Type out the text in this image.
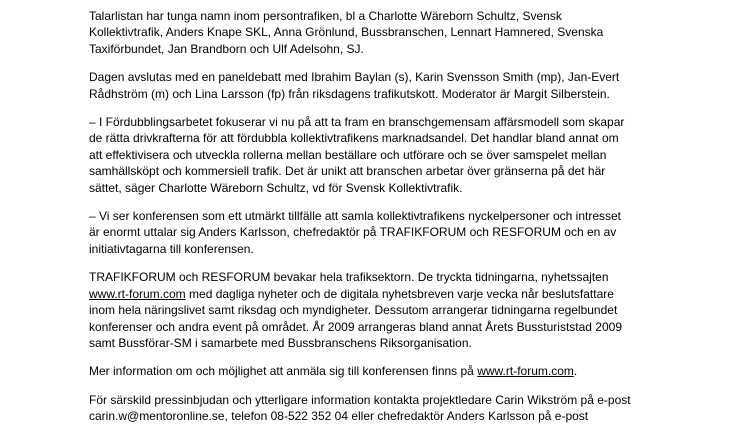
Talarlistan har tunga namn inom persontrafiken, bl a Charlotte Wäreborn Schultz, Svensk
Kollektivtrafik, Anders Knape SKL, Anna Grönlund, Bussbranschen, Lennart Hamnered, Svenska
Taxiförbundet, Jan Brandborn och Ulf Adelsohn, SJ.
Dagen avslutas med en paneldebatt med Ibrahim Baylan (s), Karin Svensson Smith (mp), Jan-Evert
Rådhström (m) och Lina Larsson (fp) från riksdagens trafikutskott. Moderator är Margit Silberstein.
– I Fördubblingsarbetet fokuserar vi nu på att ta fram en branschgemensam affärsmodell som skapar
de rätta drivkrafterna för att fördubbla kollektivtrafikens marknadsandel. Det handlar bland annat om
att effektivisera och utveckla rollerna mellan beställare och utförare och se över samspelet mellan
samhällsköpt och kommersiell trafik. Det är unikt att branschen arbetar över gränserna på det här
sättet, säger Charlotte Wäreborn Schultz, vd för Svensk Kollektivtrafik.
– Vi ser konferensen som ett utmärkt tillfälle att samla kollektivtrafikens nyckelpersoner och intresset
är enormt uttalar sig Anders Karlsson, chefredaktör på TRAFIKFORUM och RESFORUM och en av
initiativtagarna till konferensen.
TRAFIKFORUM och RESFORUM bevakar hela trafiksektorn. De tryckta tidningarna, nyhetssajten
www.rt-forum.com med dagliga nyheter och de digitala nyhetsbreven varje vecka når beslutsfattare
inom hela näringslivet samt riksdag och myndigheter. Dessutom arrangerar tidningarna regelbundet
konferenser och andra event på området. År 2009 arrangeras bland annat Årets Bussturiststad 2009
samt Bussförar-SM i samarbete med Bussbranschens Riksorganisation.
Mer information om och möjlighet att anmäla sig till konferensen finns på www.rt-forum.com.
För särskild pressinbjudan och ytterligare information kontakta projektledare Carin Wikström på e-post
carin.w@mentoronline.se, telefon 08-522 352 04 eller chefredaktör Anders Karlsson på e-post
